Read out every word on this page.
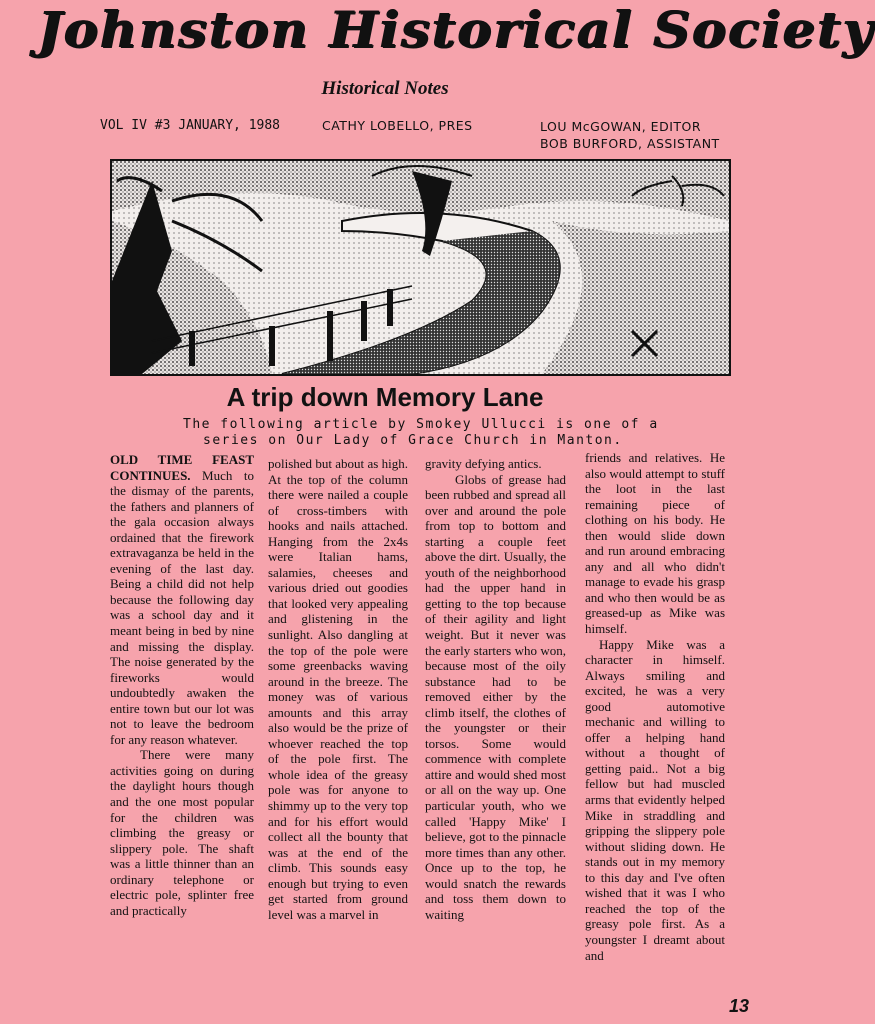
Johnston Historical Society
Historical Notes
VOL IV #3 JANUARY, 1988	CATHY LOBELLO, PRES	LOU McGOWAN, EDITOR
BOB BURFORD, ASSISTANT
A trip down Memory Lane
The following article by Smokey Ullucci is one of a
series on Our Lady of Grace Church in Manton.

OLD TIME FEAST CONTINUES. Much to the dismay of the parents, the fathers and planners of the gala occasion always ordained that the firework extravaganza be held in the evening of the last day. Being a child did not help because the following day was a school day and it meant being in bed by nine and missing the display. The noise generated by the fireworks would undoubtedly awaken the entire town but our lot was not to leave the bedroom for any reason whatever.

There were many activities going on during the daylight hours though and the one most popular for the children was climbing the greasy or slippery pole. The shaft was a little thinner than an ordinary telephone or electric pole, splinter free and practically

polished but about as high. At the top of the column there were nailed a couple of cross-timbers with hooks and nails attached. Hanging from the 2x4s were Italian hams, salamies, cheeses and various dried out goodies that looked very appealing and glistening in the sunlight. Also dangling at the top of the pole were some greenbacks waving around in the breeze. The money was of various amounts and this array also would be the prize of whoever reached the top of the pole first. The whole idea of the greasy pole was for anyone to shimmy up to the very top and for his effort would collect all the bounty that was at the end of the climb. This sounds easy enough but trying to even get started from ground level was a marvel in

gravity defying antics.

Globs of grease had been rubbed and spread all over and around the pole from top to bottom and starting a couple feet above the dirt. Usually, the youth of the neighborhood had the upper hand in getting to the top because of their agility and light weight. But it never was the early starters who won, because most of the oily substance had to be removed either by the climb itself, the clothes of the youngster or their torsos. Some would commence with complete attire and would shed most or all on the way up. One particular youth, who we called 'Happy Mike' I believe, got to the pinnacle more times than any other. Once up to the top, he would snatch the rewards and toss them down to waiting

friends and relatives. He also would attempt to stuff the loot in the last remaining piece of clothing on his body. He then would slide down and run around embracing any and all who didn't manage to evade his grasp and who then would be as greased-up as Mike was himself.

Happy Mike was a character in himself. Always smiling and excited, he was a very good automotive mechanic and willing to offer a helping hand without a thought of getting paid.. Not a big fellow but had muscled arms that evidently helped Mike in straddling and gripping the slippery pole without sliding down. He stands out in my memory to this day and I've often wished that it was I who reached the top of the greasy pole first. As a youngster I dreamt about and

13
